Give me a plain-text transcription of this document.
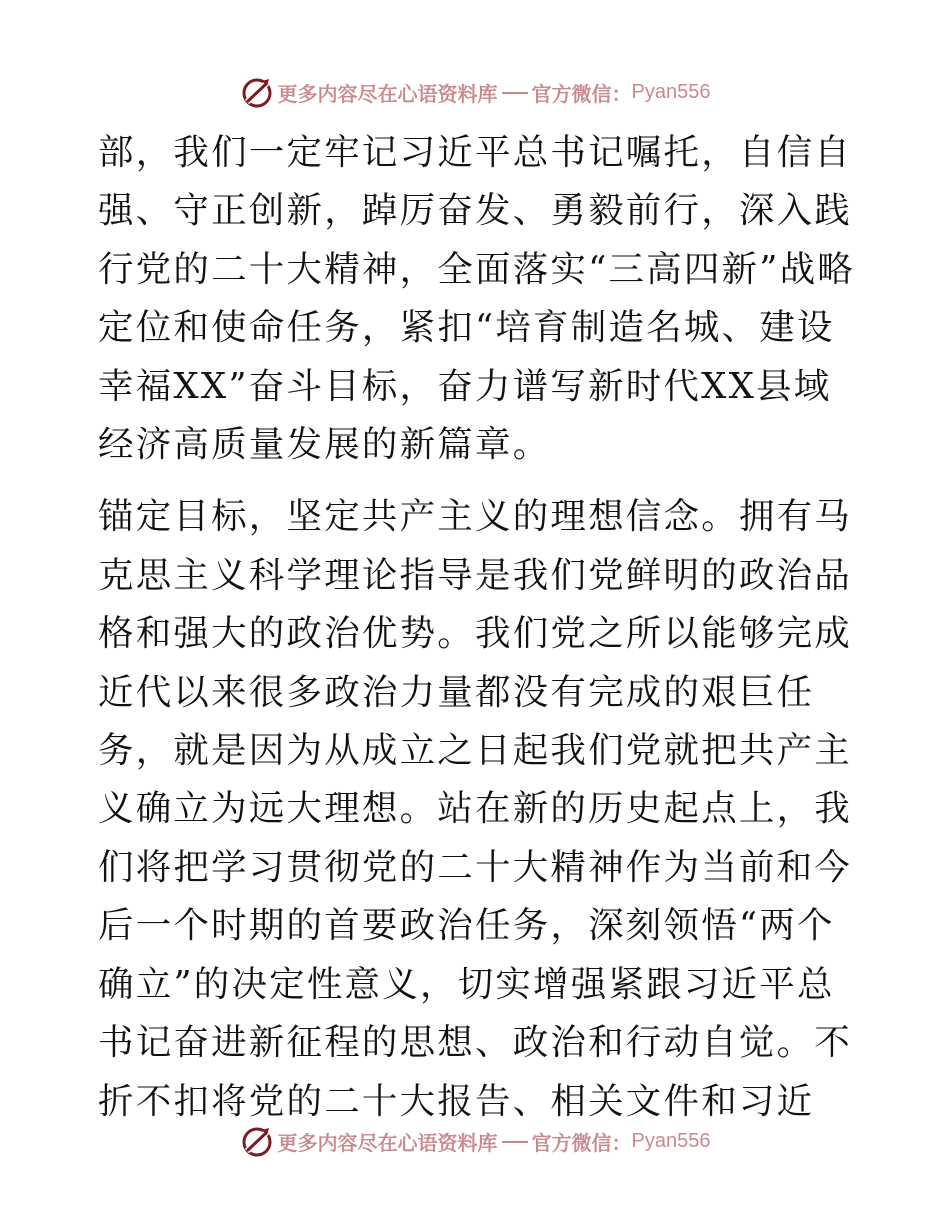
更多内容尽在心语资料库 官方微信： Pyan556

部，我们一定牢记习近平总书记嘱托，自信自强、守正创新，踔厉奋发、勇毅前行，深入践行党的二十大精神，全面落实“三高四新”战略定位和使命任务，紧扣“培育制造名城、建设幸福XX”奋斗目标，奋力谱写新时代XX县域经济高质量发展的新篇章。

锚定目标，坚定共产主义的理想信念。拥有马克思主义科学理论指导是我们党鲜明的政治品格和强大的政治优势。我们党之所以能够完成近代以来很多政治力量都没有完成的艰巨任务，就是因为从成立之日起我们党就把共产主义确立为远大理想。站在新的历史起点上，我们将把学习贯彻党的二十大精神作为当前和今后一个时期的首要政治任务，深刻领悟“两个确立”的决定性意义，切实增强紧跟习近平总书记奋进新征程的思想、政治和行动自觉。不折不扣将党的二十大报告、相关文件和习近

更多内容尽在心语资料库 官方微信： Pyan556
